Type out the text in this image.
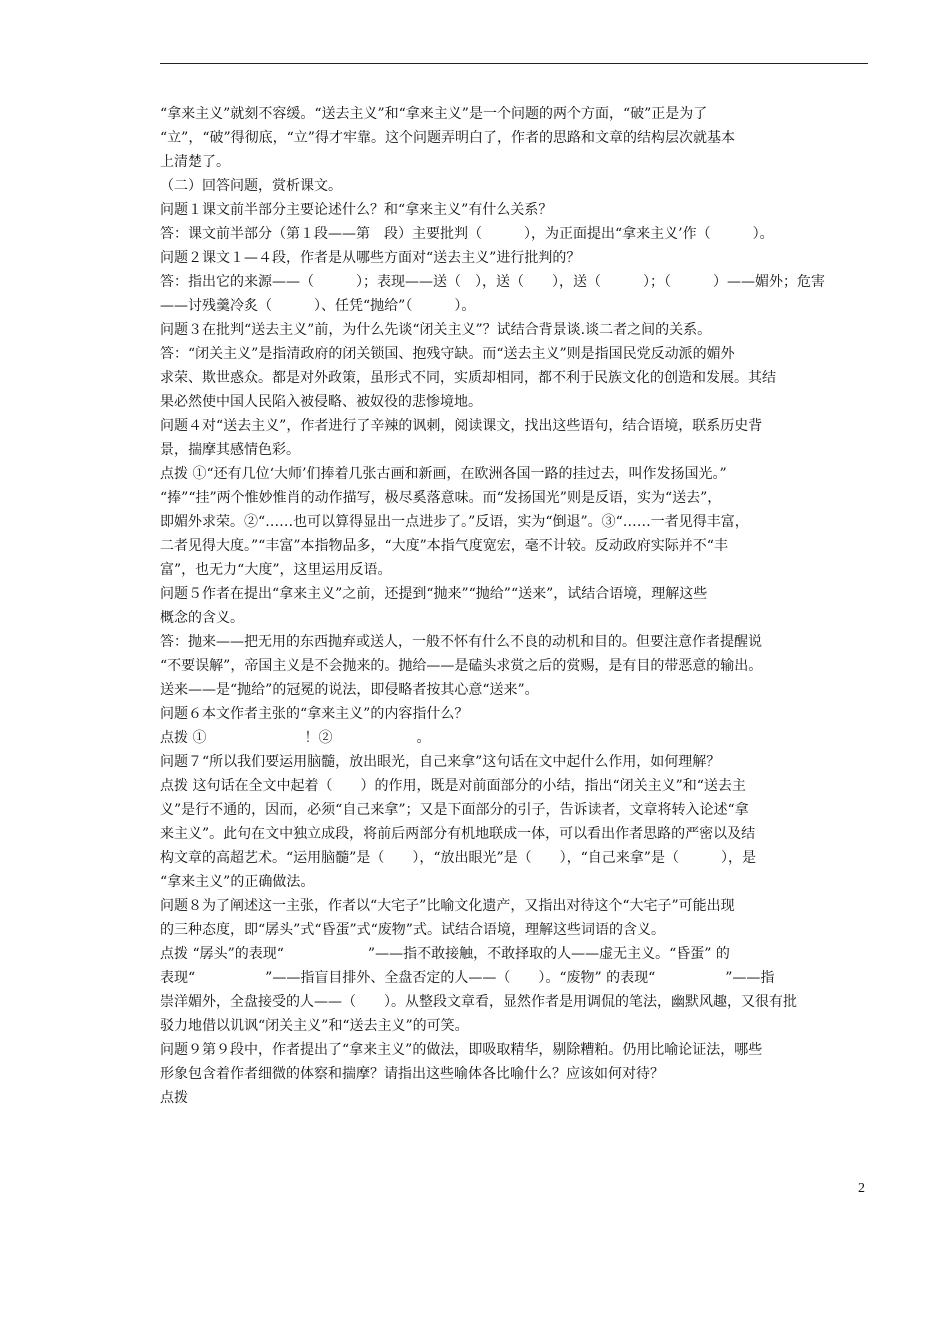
“拿来主义”就刻不容缓。“送去主义”和“拿来主义”是一个问题的两个方面，“破”正是为了
“立”，“破”得彻底，“立”得才牢靠。这个问题弄明白了，作者的思路和文章的结构层次就基本
上清楚了。
（二）回答问题，赏析课文。
问题１课文前半部分主要论述什么？和“拿来主义”有什么关系？
答：课文前半部分（第１段——第　段）主要批判（　　　），为正面提出“拿来主义’作（　　　）。
问题２课文１—４段，作者是从哪些方面对“送去主义”进行批判的？
答：指出它的来源——（　　　）；表现——送（　），送（　　），送（　　　）；（　　　）——媚外；危害
——讨残羹冷炙（　　　）、任凭“抛给”（　　　）。
问题３在批判“送去主义”前，为什么先谈“闭关主义”？试结合背景谈.谈二者之间的关系。
答：“闭关主义”是指清政府的闭关锁国、抱残守缺。而“送去主义”则是指国民党反动派的媚外
求荣、欺世惑众。都是对外政策，虽形式不同，实质却相同，都不利于民族文化的创造和发展。其结
果必然使中国人民陷入被侵略、被奴役的悲惨境地。
问题４对“送去主义”，作者进行了辛辣的讽刺，阅读课文，找出这些语句，结合语境，联系历史背
景，揣摩其感情色彩。
点拨 ①“还有几位‘大师’们捧着几张古画和新画，在欧洲各国一路的挂过去，叫作发扬国光。”
“捧”“挂”两个惟妙惟肖的动作描写，极尽奚落意味。而“发扬国光”则是反语，实为“送去”，
即媚外求荣。②“……也可以算得显出一点进步了。”反语，实为“倒退”。③“……一者见得丰富，
二者见得大度。”“丰富”本指物品多，“大度”本指气度宽宏，毫不计较。反动政府实际并不“丰
富”，也无力“大度”，这里运用反语。
问题５作者在提出“拿来主义”之前，还提到“抛来”“抛给”“送来”，试结合语境，理解这些
概念的含义。
答：抛来——把无用的东西抛弃或送人，一般不怀有什么不良的动机和目的。但要注意作者提醒说
“不要误解”，帝国主义是不会抛来的。抛给——是磕头求赏之后的赏赐，是有目的带恶意的输出。
送来——是“抛给”的冠冕的说法，即侵略者按其心意“送来”。
问题６本文作者主张的“拿来主义”的内容指什么？
点拨 ①　　　　　　　！②　　　　　　。
问题７“所以我们要运用脑髓，放出眼光，自己来拿”这句话在文中起什么作用，如何理解？
点拨 这句话在全文中起着（　　）的作用，既是对前面部分的小结，指出“闭关主义”和“送去主
义”是行不通的，因而，必须“自己来拿”；又是下面部分的引子，告诉读者，文章将转入论述“拿
来主义”。此句在文中独立成段，将前后两部分有机地联成一体，可以看出作者思路的严密以及结
构文章的高超艺术。“运用脑髓”是（　　），“放出眼光”是（　　），“自己来拿”是（　　　），是
“拿来主义”的正确做法。
问题８为了阐述这一主张，作者以“大宅子”比喻文化遗产，又指出对待这个“大宅子”可能出现
的三种态度，即“孱头”式“昏蛋”式“废物”式。试结合语境，理解这些词语的含义。
点拨 “孱头”的表现“　　　　　　”——指不敢接触，不敢择取的人——虚无主义。“昏蛋” 的
表现“　　　　　”——指盲目排外、全盘否定的人——（　　）。“废物” 的表现“　　　　　”——指
崇洋媚外，全盘接受的人——（　　）。从整段文章看，显然作者是用调侃的笔法，幽默风趣，又很有批
驳力地借以讥讽“闭关主义”和“送去主义”的可笑。
问题９第９段中，作者提出了“拿来主义”的做法，即吸取精华，剔除糟粕。仍用比喻论证法，哪些
形象包含着作者细微的体察和揣摩？请指出这些喻体各比喻什么？应该如何对待？
点拨
2
